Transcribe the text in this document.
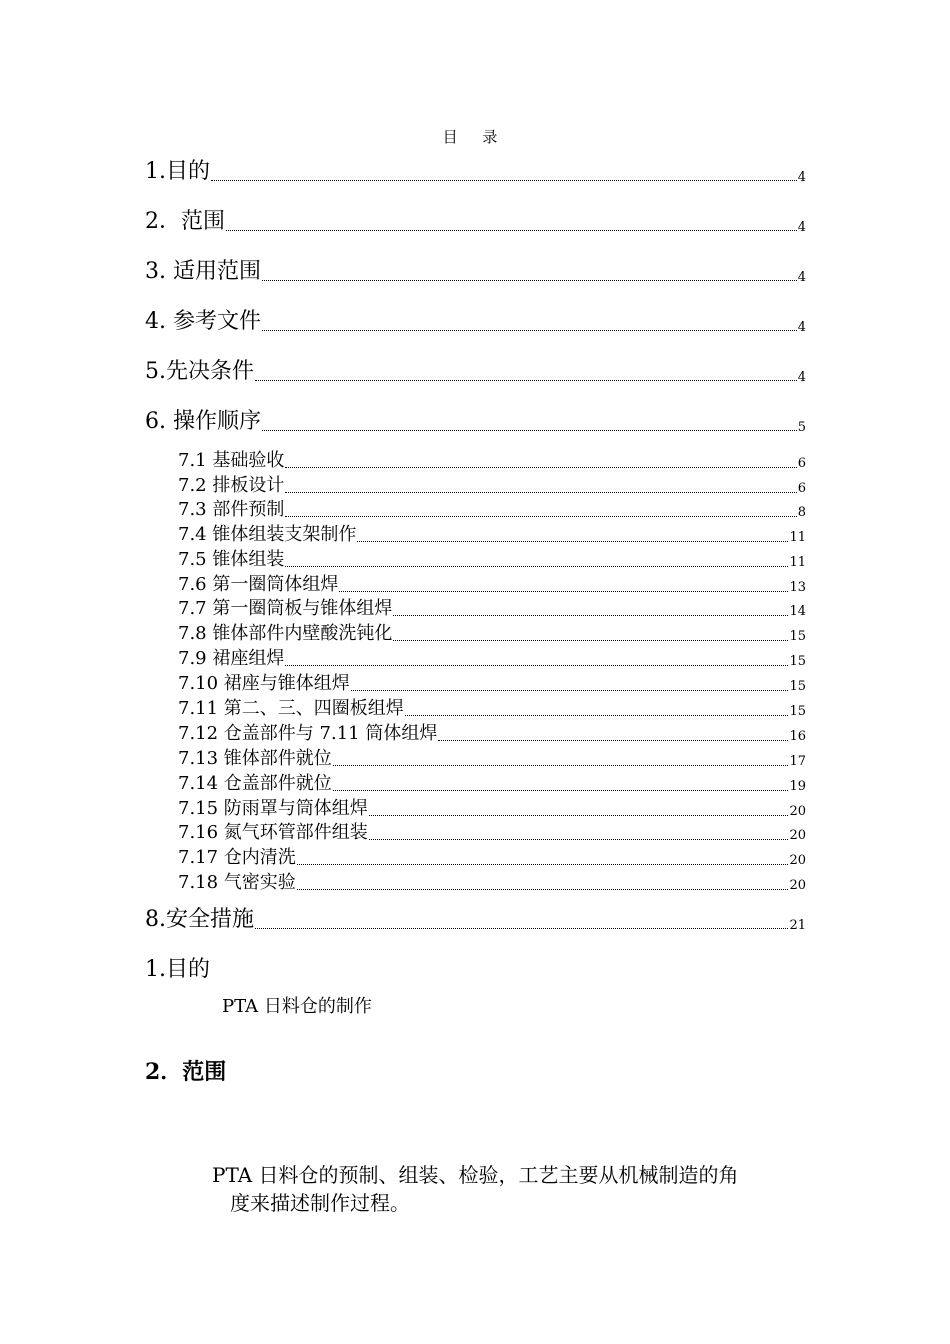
目 录
1.目的	4
2．范围	4
3. 适用范围	4
4. 参考文件	4
5.先决条件	4
6. 操作顺序	5
7.1 基础验收	6
7.2 排板设计	6
7.3 部件预制	8
7.4 锥体组装支架制作	11
7.5 锥体组装	11
7.6 第一圈筒体组焊	13
7.7 第一圈筒板与锥体组焊	14
7.8 锥体部件内壁酸洗钝化	15
7.9 裙座组焊	15
7.10 裙座与锥体组焊	15
7.11 第二、三、四圈板组焊	15
7.12 仓盖部件与 7.11 筒体组焊	16
7.13 锥体部件就位	17
7.14 仓盖部件就位	19
7.15 防雨罩与筒体组焊	20
7.16 氮气环管部件组装	20
7.17 仓内清洗	20
7.18 气密实验	20
8.安全措施	21
1.目的
PTA 日料仓的制作
2．范围
PTA 日料仓的预制、组装、检验，工艺主要从机械制造的角
度来描述制作过程。
